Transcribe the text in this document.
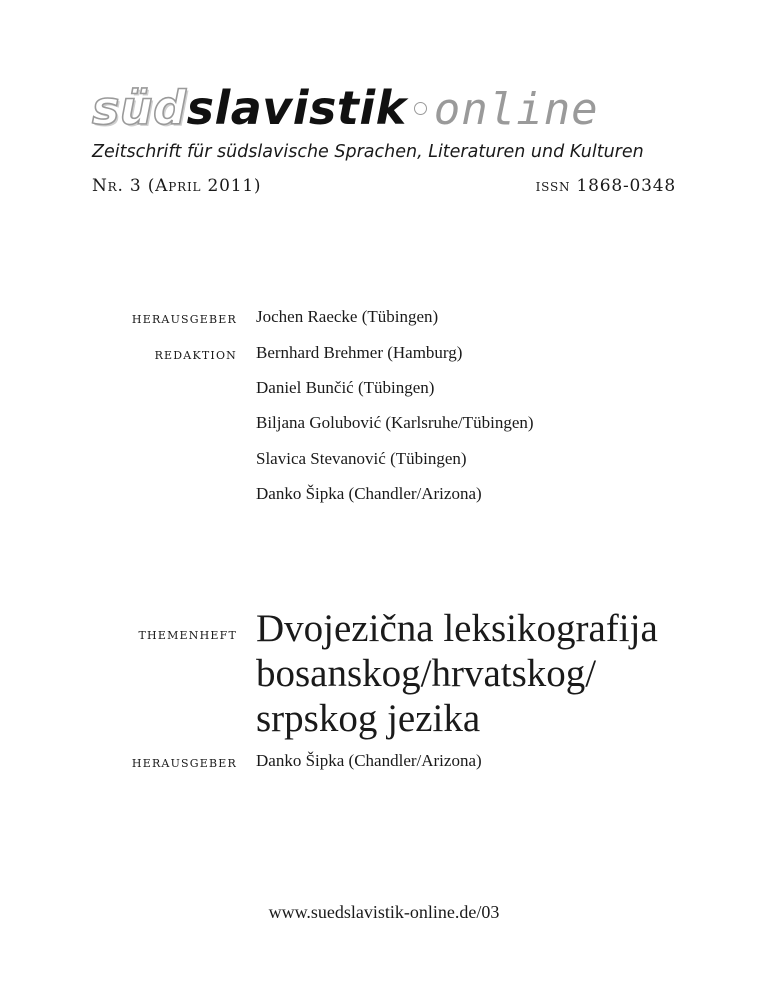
südslavistik online
Zeitschrift für südslavische Sprachen, Literaturen und Kulturen
Nr. 3 (April 2011)	issn 1868-0348
herausgeber Jochen Raecke (Tübingen)
redaktion Bernhard Brehmer (Hamburg)
Daniel Bunčić (Tübingen)
Biljana Golubović (Karlsruhe/Tübingen)
Slavica Stevanović (Tübingen)
Danko Šipka (Chandler/Arizona)
themenheft Dvojezična leksikografija
bosanskog/hrvatskog/
srpskog jezika
herausgeber Danko Šipka (Chandler/Arizona)
www.suedslavistik-online.de/03
